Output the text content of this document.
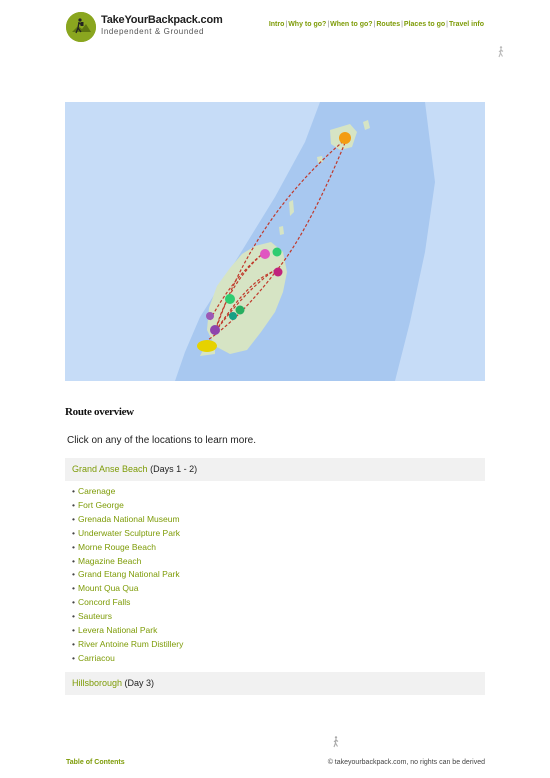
TakeYourBackpack.com
Independent & Grounded
Intro|Why to go?|When to go?|Routes|Places to go|Travel info
Route overview
Click on any of the locations to learn more.
Grand Anse Beach (Days 1 - 2)
• Carenage
• Fort George
• Grenada National Museum
• Underwater Sculpture Park
• Morne Rouge Beach
• Magazine Beach
• Grand Etang National Park
• Mount Qua Qua
• Concord Falls
• Sauteurs
• Levera National Park
• River Antoine Rum Distillery
• Carriacou
Hillsborough (Day 3)
Table of Contents	© takeyourbackpack.com, no rights can be derived
